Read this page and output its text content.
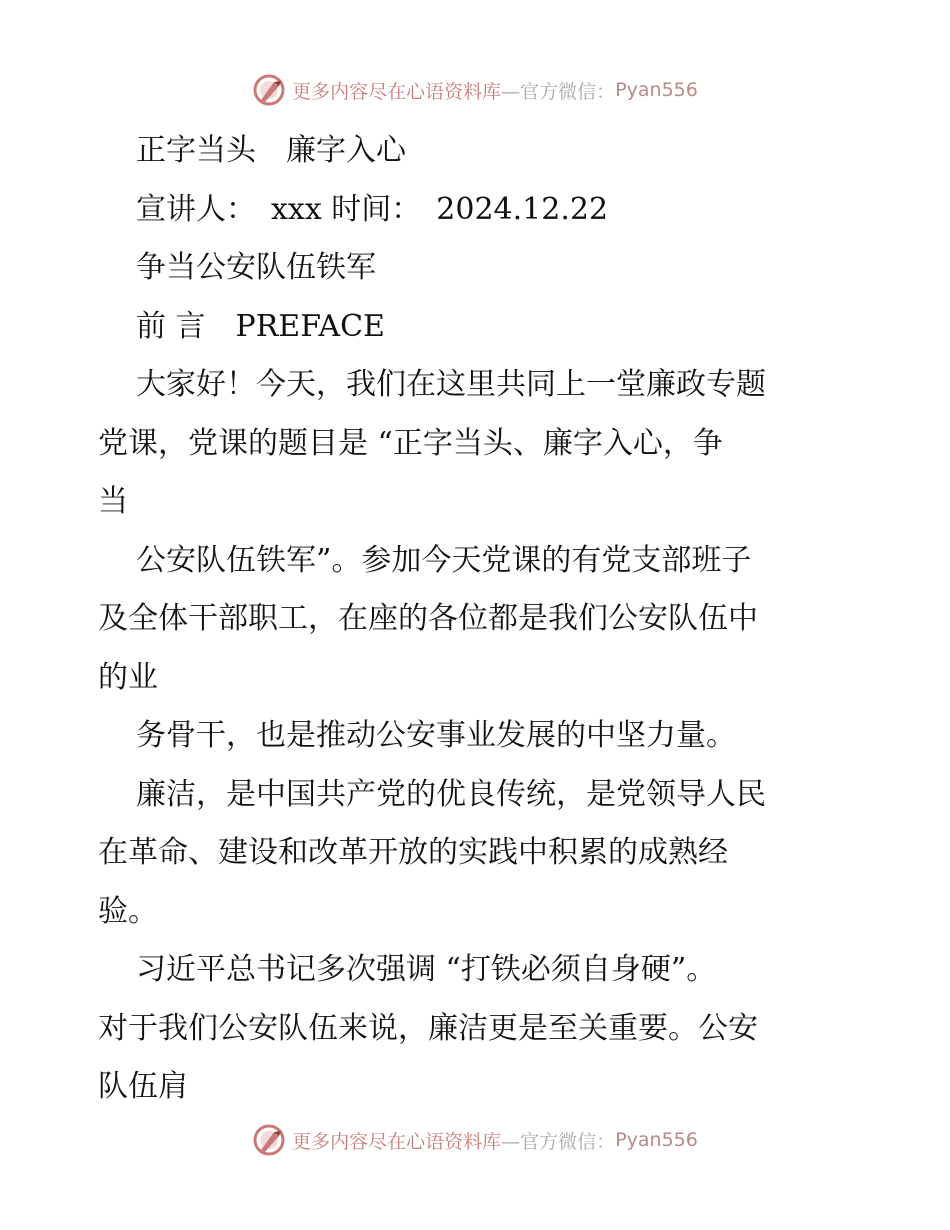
更多内容尽在心语资料库 —官方微信： Pyan556
正字当头　廉字入心
宣讲人：　xxx 时间：　2024.12.22
争当公安队伍铁军
前 言　PREFACE
大家好！今天，我们在这里共同上一堂廉政专题
党课，党课的题目是 “正字当头、廉字入心，争
当
公安队伍铁军”。参加今天党课的有党支部班子
及全体干部职工，在座的各位都是我们公安队伍中
的业
务骨干，也是推动公安事业发展的中坚力量。
廉洁，是中国共产党的优良传统，是党领导人民
在革命、建设和改革开放的实践中积累的成熟经
验。
习近平总书记多次强调 “打铁必须自身硬”。
对于我们公安队伍来说，廉洁更是至关重要。公安
队伍肩
更多内容尽在心语资料库 —官方微信： Pyan556
